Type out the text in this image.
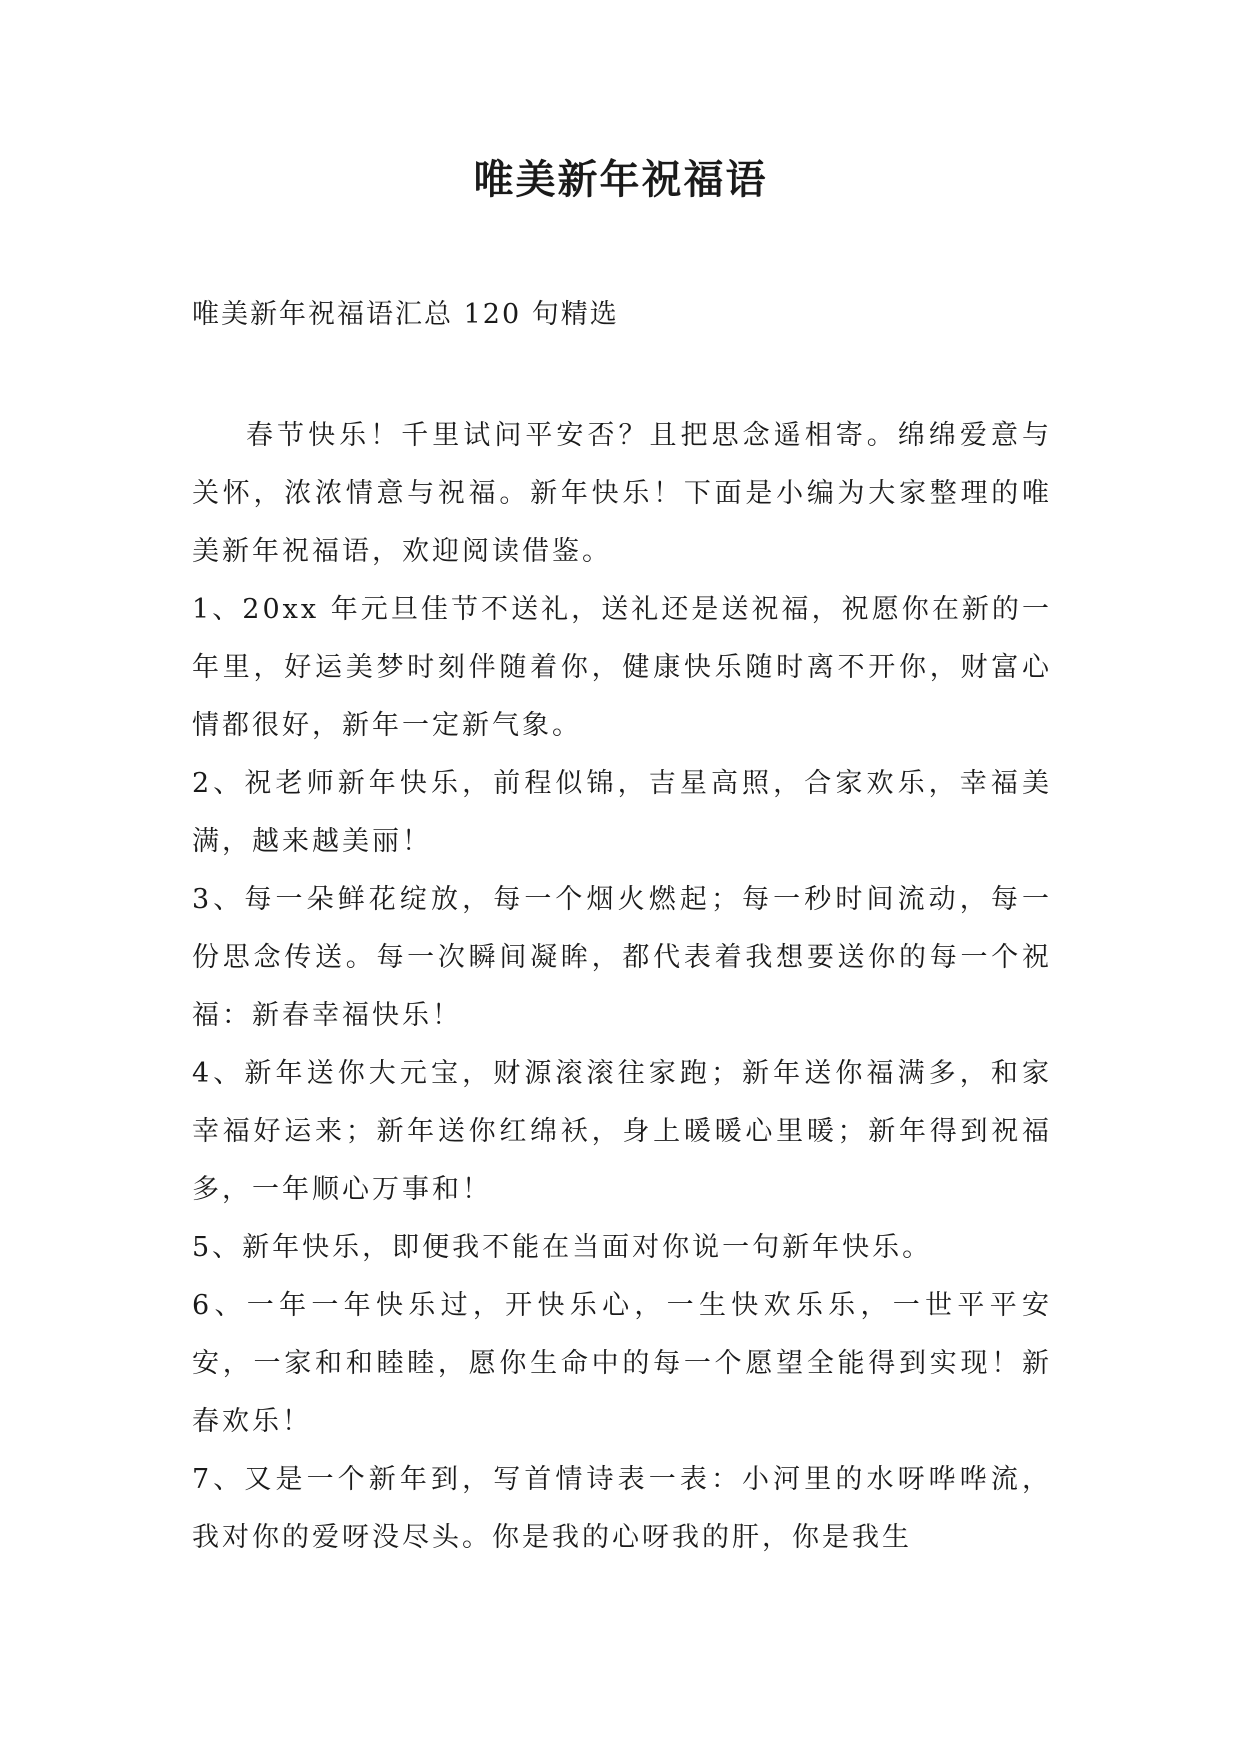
唯美新年祝福语
唯美新年祝福语汇总 120 句精选

春节快乐！千里试问平安否？且把思念遥相寄。绵绵爱意与关怀，浓浓情意与祝福。新年快乐！下面是小编为大家整理的唯美新年祝福语，欢迎阅读借鉴。

1、20xx 年元旦佳节不送礼，送礼还是送祝福，祝愿你在新的一年里，好运美梦时刻伴随着你，健康快乐随时离不开你，财富心情都很好，新年一定新气象。

2、祝老师新年快乐，前程似锦，吉星高照，合家欢乐，幸福美满，越来越美丽！

3、每一朵鲜花绽放，每一个烟火燃起；每一秒时间流动，每一份思念传送。每一次瞬间凝眸，都代表着我想要送你的每一个祝福：新春幸福快乐！

4、新年送你大元宝，财源滚滚往家跑；新年送你福满多，和家幸福好运来；新年送你红绵袄，身上暖暖心里暖；新年得到祝福多，一年顺心万事和！

5、新年快乐，即便我不能在当面对你说一句新年快乐。

6、一年一年快乐过，开快乐心，一生快欢乐乐，一世平平安安，一家和和睦睦，愿你生命中的每一个愿望全能得到实现！新春欢乐！

7、又是一个新年到，写首情诗表一表：小河里的水呀哗哗流，我对你的爱呀没尽头。你是我的心呀我的肝，你是我生
